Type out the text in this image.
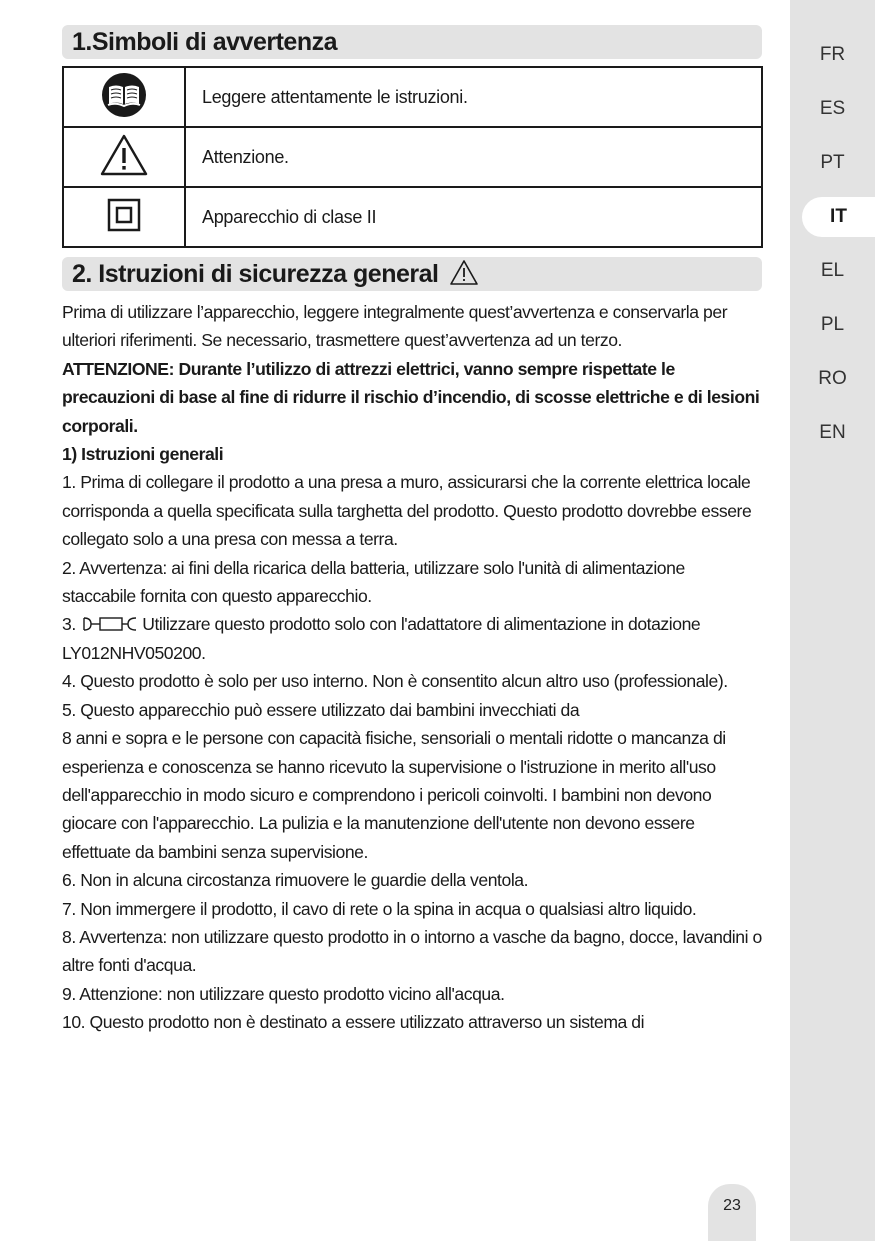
1.Simboli di avvertenza
	Leggere attentamente le istruzioni.
	Attenzione.
	Apparecchio di clase II
2. Istruzioni di sicurezza general

Prima di utilizzare l’apparecchio, leggere integralmente quest’avvertenza e conservarla per ulteriori riferimenti. Se necessario, trasmettere quest’avvertenza ad un terzo.

ATTENZIONE: Durante l’utilizzo di attrezzi elettrici, vanno sempre rispettate le precauzioni di base al fine di ridurre il rischio d’incendio, di scosse elettriche e di lesioni corporali.

1) Istruzioni generali

1. Prima di collegare il prodotto a una presa a muro, assicurarsi che la corrente elettrica locale corrisponda a quella specificata sulla targhetta del prodotto. Questo prodotto dovrebbe essere collegato solo a una presa con messa a terra.

2. Avvertenza: ai fini della ricarica della batteria, utilizzare solo l'unità di alimentazione staccabile fornita con questo apparecchio.

3.	Utilizzare questo prodotto solo con l'adattatore di alimentazione in dotazione LY012NHV050200.

4. Questo prodotto è solo per uso interno. Non è consentito alcun altro uso (professionale).

5. Questo apparecchio può essere utilizzato dai bambini invecchiati da

8 anni e sopra e le persone con capacità fisiche, sensoriali o mentali ridotte o mancanza di esperienza e conoscenza se hanno ricevuto la supervisione o l'istruzione in merito all'uso dell'apparecchio in modo sicuro e comprendono i pericoli coinvolti. I bambini non devono giocare con l'apparecchio. La pulizia e la manutenzione dell'utente non devono essere effettuate da bambini senza supervisione.

6. Non in alcuna circostanza rimuovere le guardie della ventola.

7. Non immergere il prodotto, il cavo di rete o la spina in acqua o qualsiasi altro liquido.

8. Avvertenza: non utilizzare questo prodotto in o intorno a vasche da bagno, docce, lavandini o altre fonti d'acqua.

9. Attenzione: non utilizzare questo prodotto vicino all'acqua.

10. Questo prodotto non è destinato a essere utilizzato attraverso un sistema di

23
FR
ES
PT
IT
EL
PL
RO
EN
